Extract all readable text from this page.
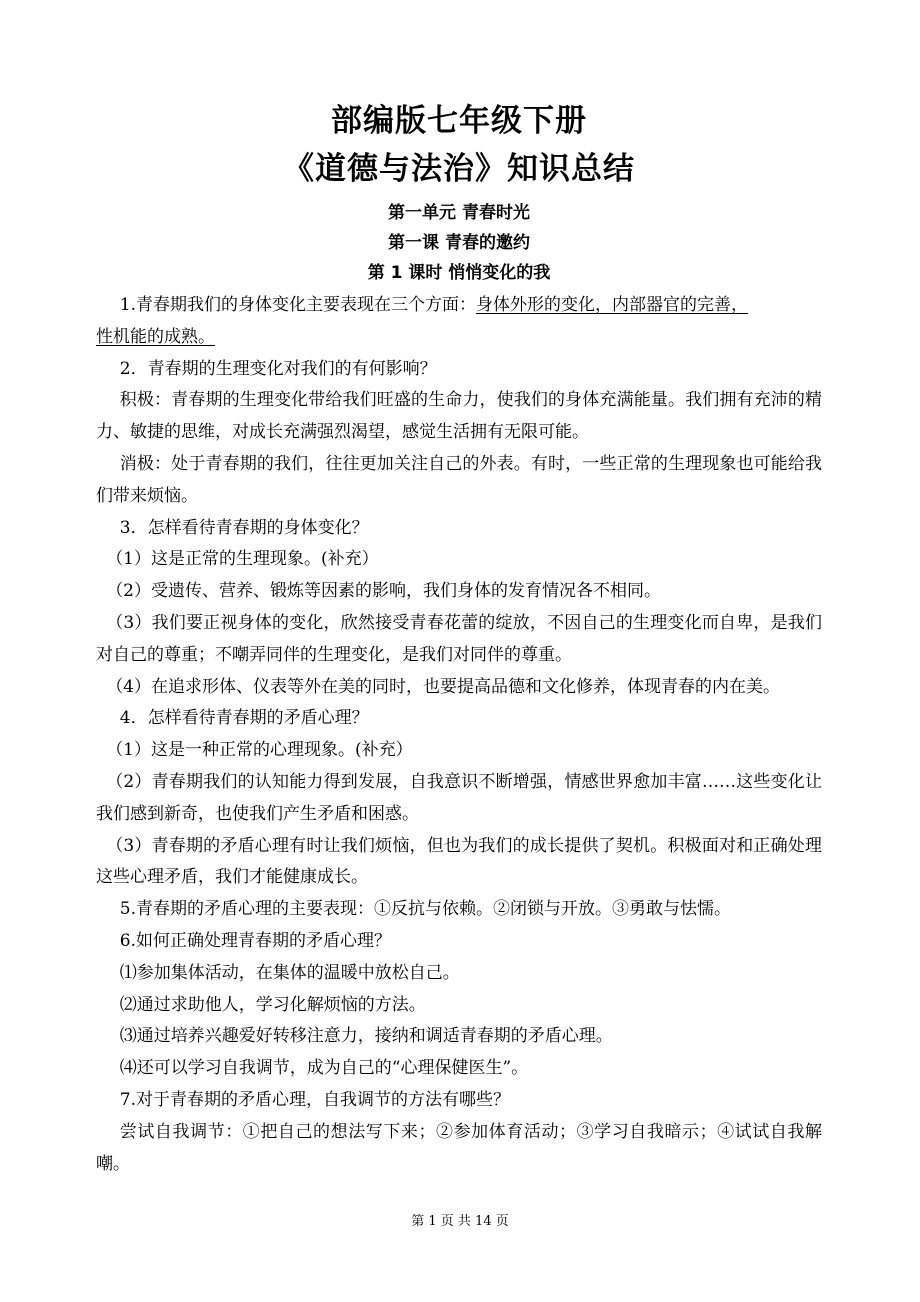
部编版七年级下册
《道德与法治》知识总结
第一单元 青春时光
第一课 青春的邀约
第 1 课时 悄悄变化的我

1.青春期我们的身体变化主要表现在三个方面：身体外形的变化，内部器官的完善，
性机能的成熟。

2．青春期的生理变化对我们的有何影响？

积极：青春期的生理变化带给我们旺盛的生命力，使我们的身体充满能量。我们拥有充沛的精力、敏捷的思维，对成长充满强烈渴望，感觉生活拥有无限可能。

消极：处于青春期的我们，往往更加关注自己的外表。有时，一些正常的生理现象也可能给我们带来烦恼。

3．怎样看待青春期的身体变化？

（1）这是正常的生理现象。(补充）

（2）受遗传、营养、锻炼等因素的影响，我们身体的发育情况各不相同。

（3）我们要正视身体的变化，欣然接受青春花蕾的绽放，不因自己的生理变化而自卑，是我们对自己的尊重；不嘲弄同伴的生理变化，是我们对同伴的尊重。

（4）在追求形体、仪表等外在美的同时，也要提高品德和文化修养，体现青春的内在美。

4．怎样看待青春期的矛盾心理？

（1）这是一种正常的心理现象。(补充）

（2）青春期我们的认知能力得到发展，自我意识不断增强，情感世界愈加丰富……这些变化让我们感到新奇，也使我们产生矛盾和困惑。

（3）青春期的矛盾心理有时让我们烦恼，但也为我们的成长提供了契机。积极面对和正确处理这些心理矛盾，我们才能健康成长。

5.青春期的矛盾心理的主要表现：①反抗与依赖。②闭锁与开放。③勇敢与怯懦。

6.如何正确处理青春期的矛盾心理？

⑴参加集体活动，在集体的温暖中放松自己。

⑵通过求助他人，学习化解烦恼的方法。

⑶通过培养兴趣爱好转移注意力，接纳和调适青春期的矛盾心理。

⑷还可以学习自我调节，成为自己的“心理保健医生”。

7.对于青春期的矛盾心理，自我调节的方法有哪些？

尝试自我调节：①把自己的想法写下来；②参加体育活动；③学习自我暗示；④试试自我解嘲。

第 1 页 共 14 页
